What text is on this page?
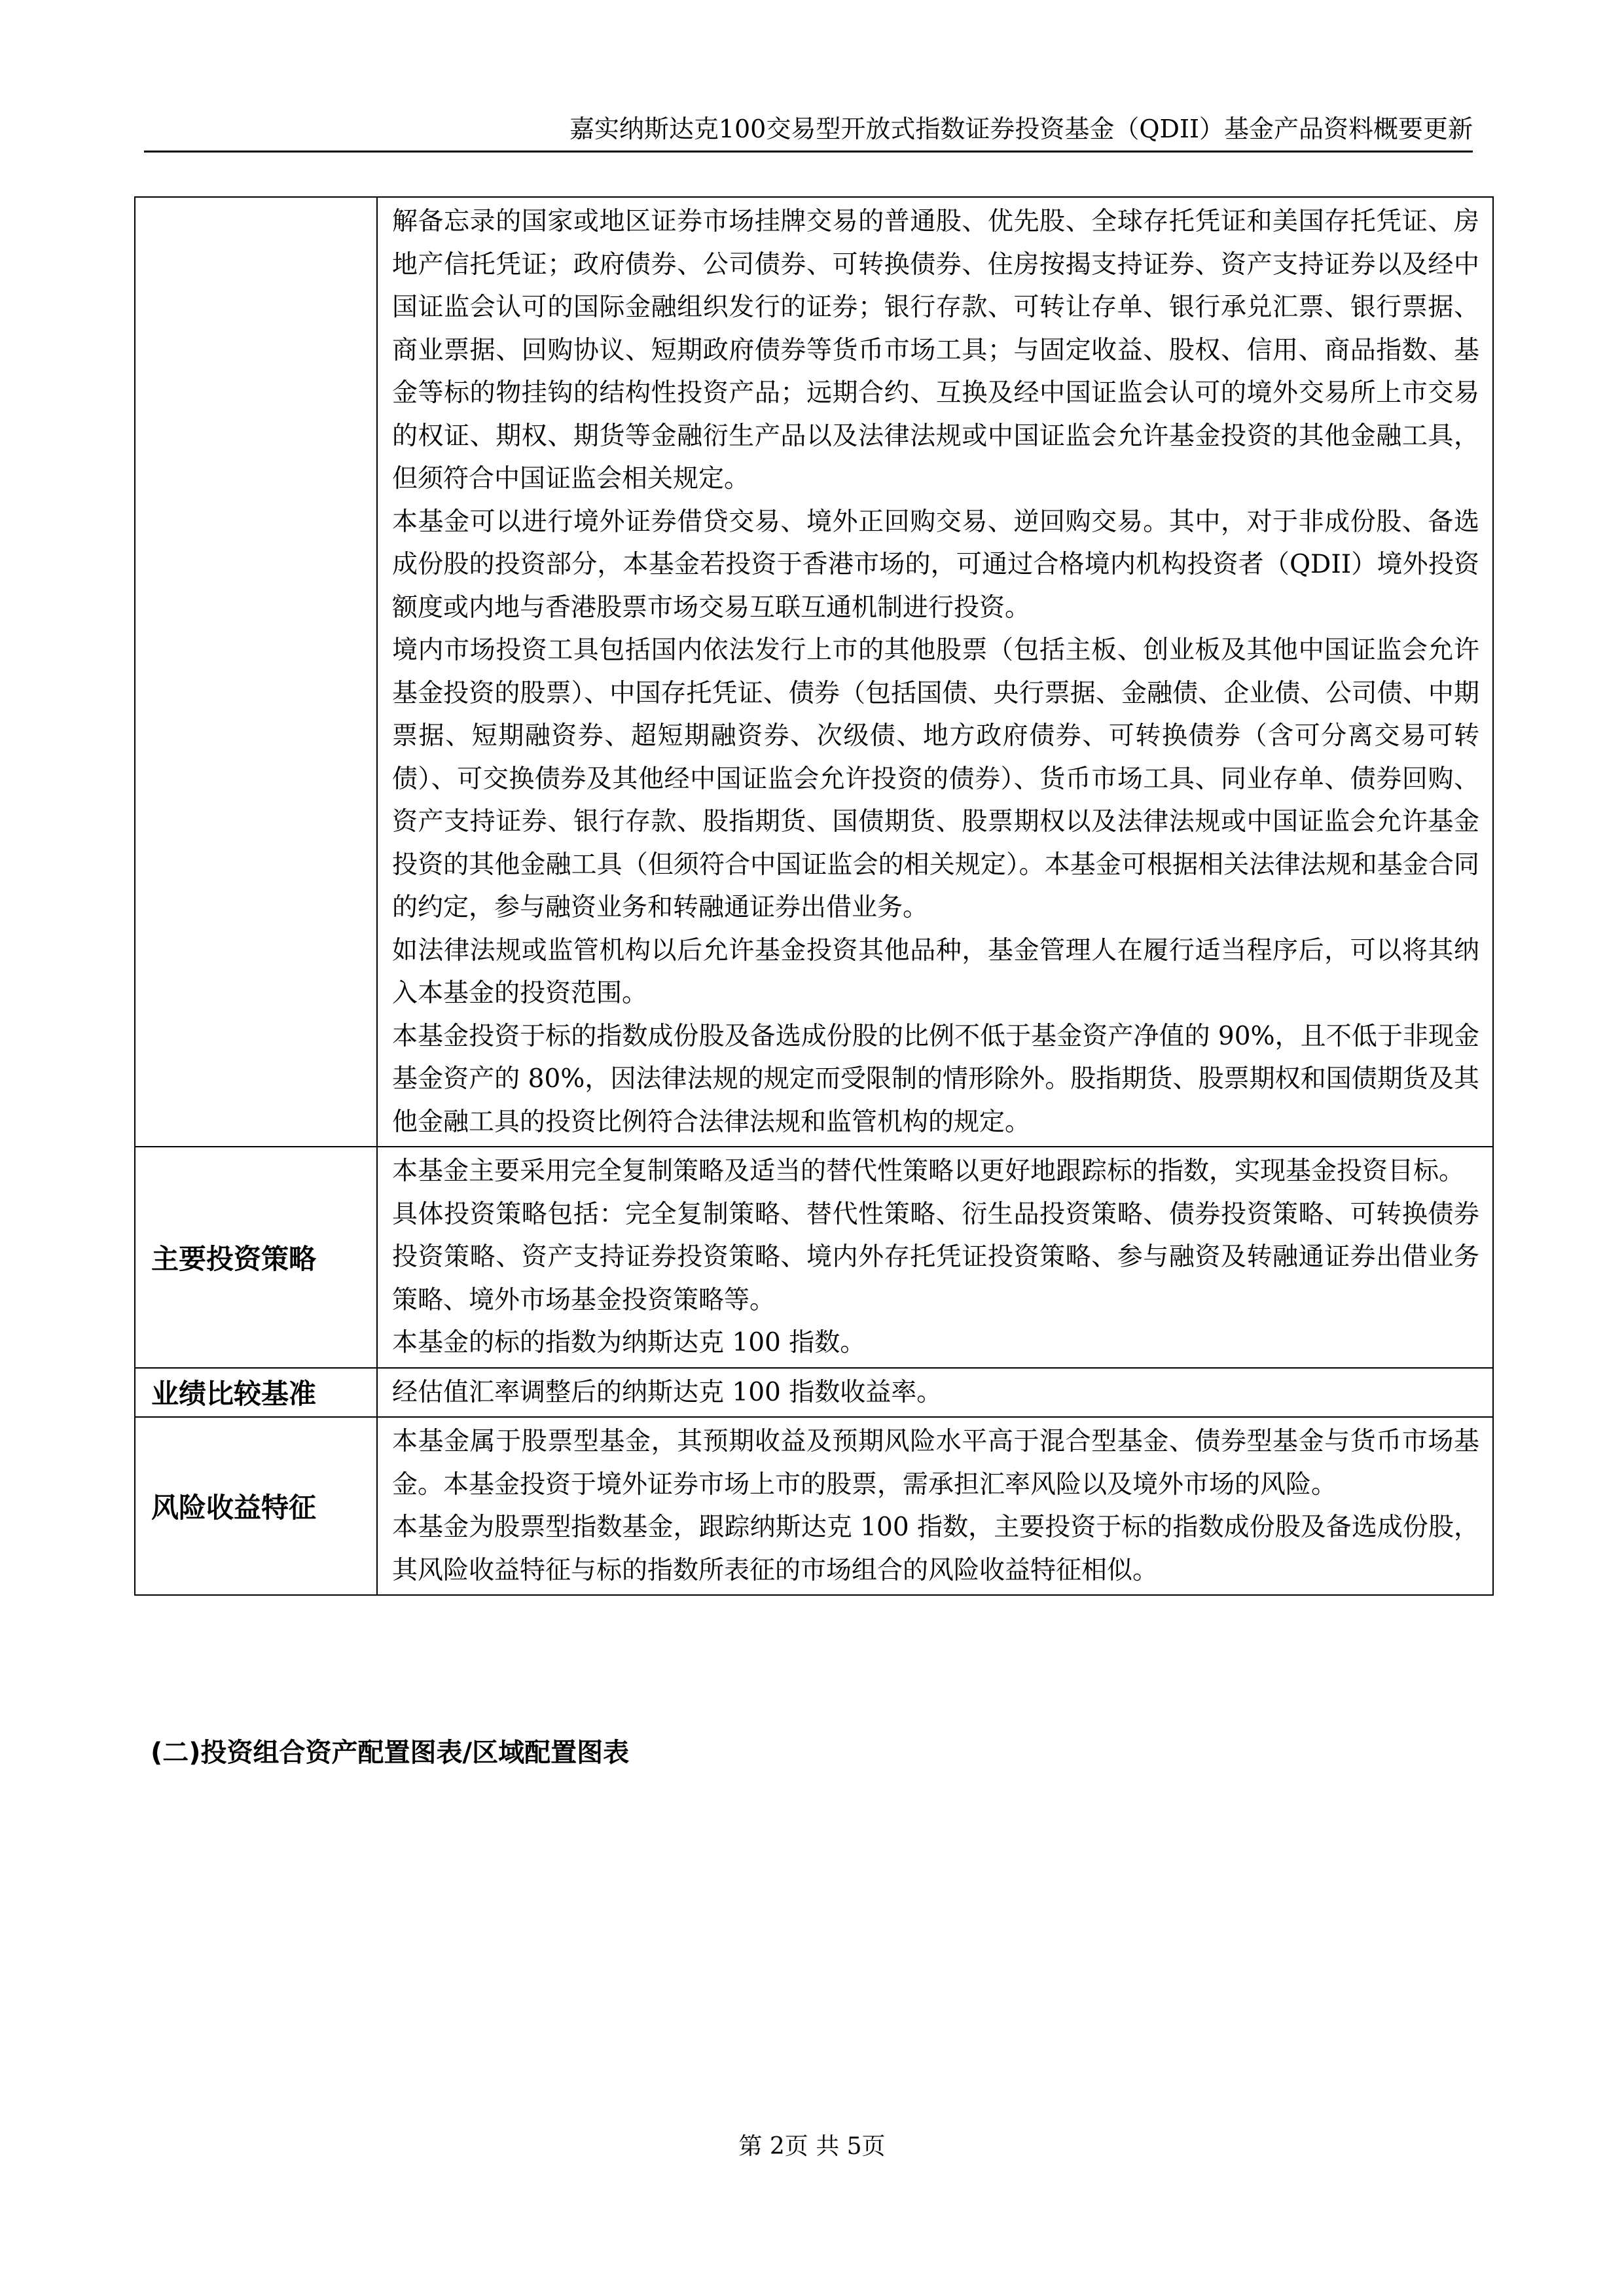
嘉实纳斯达克100交易型开放式指数证券投资基金（QDII）基金产品资料概要更新

	解备忘录的国家或地区证券市场挂牌交易的普通股、优先股、全球存托凭证和美国存托凭证、房地产信托凭证；政府债券、公司债券、可转换债券、住房按揭支持证券、资产支持证券以及经中国证监会认可的国际金融组织发行的证券；银行存款、可转让存单、银行承兑汇票、银行票据、商业票据、回购协议、短期政府债券等货币市场工具；与固定收益、股权、信用、商品指数、基金等标的物挂钩的结构性投资产品；远期合约、互换及经中国证监会认可的境外交易所上市交易的权证、期权、期货等金融衍生产品以及法律法规或中国证监会允许基金投资的其他金融工具，但须符合中国证监会相关规定。

本基金可以进行境外证券借贷交易、境外正回购交易、逆回购交易。其中，对于非成份股、备选成份股的投资部分，本基金若投资于香港市场的，可通过合格境内机构投资者（QDII）境外投资额度或内地与香港股票市场交易互联互通机制进行投资。

境内市场投资工具包括国内依法发行上市的其他股票（包括主板、创业板及其他中国证监会允许基金投资的股票）、中国存托凭证、债券（包括国债、央行票据、金融债、企业债、公司债、中期票据、短期融资券、超短期融资券、次级债、地方政府债券、可转换债券（含可分离交易可转债）、可交换债券及其他经中国证监会允许投资的债券）、货币市场工具、同业存单、债券回购、资产支持证券、银行存款、股指期货、国债期货、股票期权以及法律法规或中国证监会允许基金投资的其他金融工具（但须符合中国证监会的相关规定）。本基金可根据相关法律法规和基金合同的约定，参与融资业务和转融通证券出借业务。

如法律法规或监管机构以后允许基金投资其他品种，基金管理人在履行适当程序后，可以将其纳入本基金的投资范围。

本基金投资于标的指数成份股及备选成份股的比例不低于基金资产净值的 90%，且不低于非现金基金资产的 80%，因法律法规的规定而受限制的情形除外。股指期货、股票期权和国债期货及其他金融工具的投资比例符合法律法规和监管机构的规定。

主要投资策略	本基金主要采用完全复制策略及适当的替代性策略以更好地跟踪标的指数，实现基金投资目标。

具体投资策略包括：完全复制策略、替代性策略、衍生品投资策略、债券投资策略、可转换债券投资策略、资产支持证券投资策略、境内外存托凭证投资策略、参与融资及转融通证券出借业务策略、境外市场基金投资策略等。

本基金的标的指数为纳斯达克 100 指数。

业绩比较基准	经估值汇率调整后的纳斯达克 100 指数收益率。

风险收益特征	本基金属于股票型基金，其预期收益及预期风险水平高于混合型基金、债券型基金与货币市场基金。本基金投资于境外证券市场上市的股票，需承担汇率风险以及境外市场的风险。

本基金为股票型指数基金，跟踪纳斯达克 100 指数，主要投资于标的指数成份股及备选成份股，其风险收益特征与标的指数所表征的市场组合的风险收益特征相似。

(二)投资组合资产配置图表/区域配置图表
第 2页 共 5页
